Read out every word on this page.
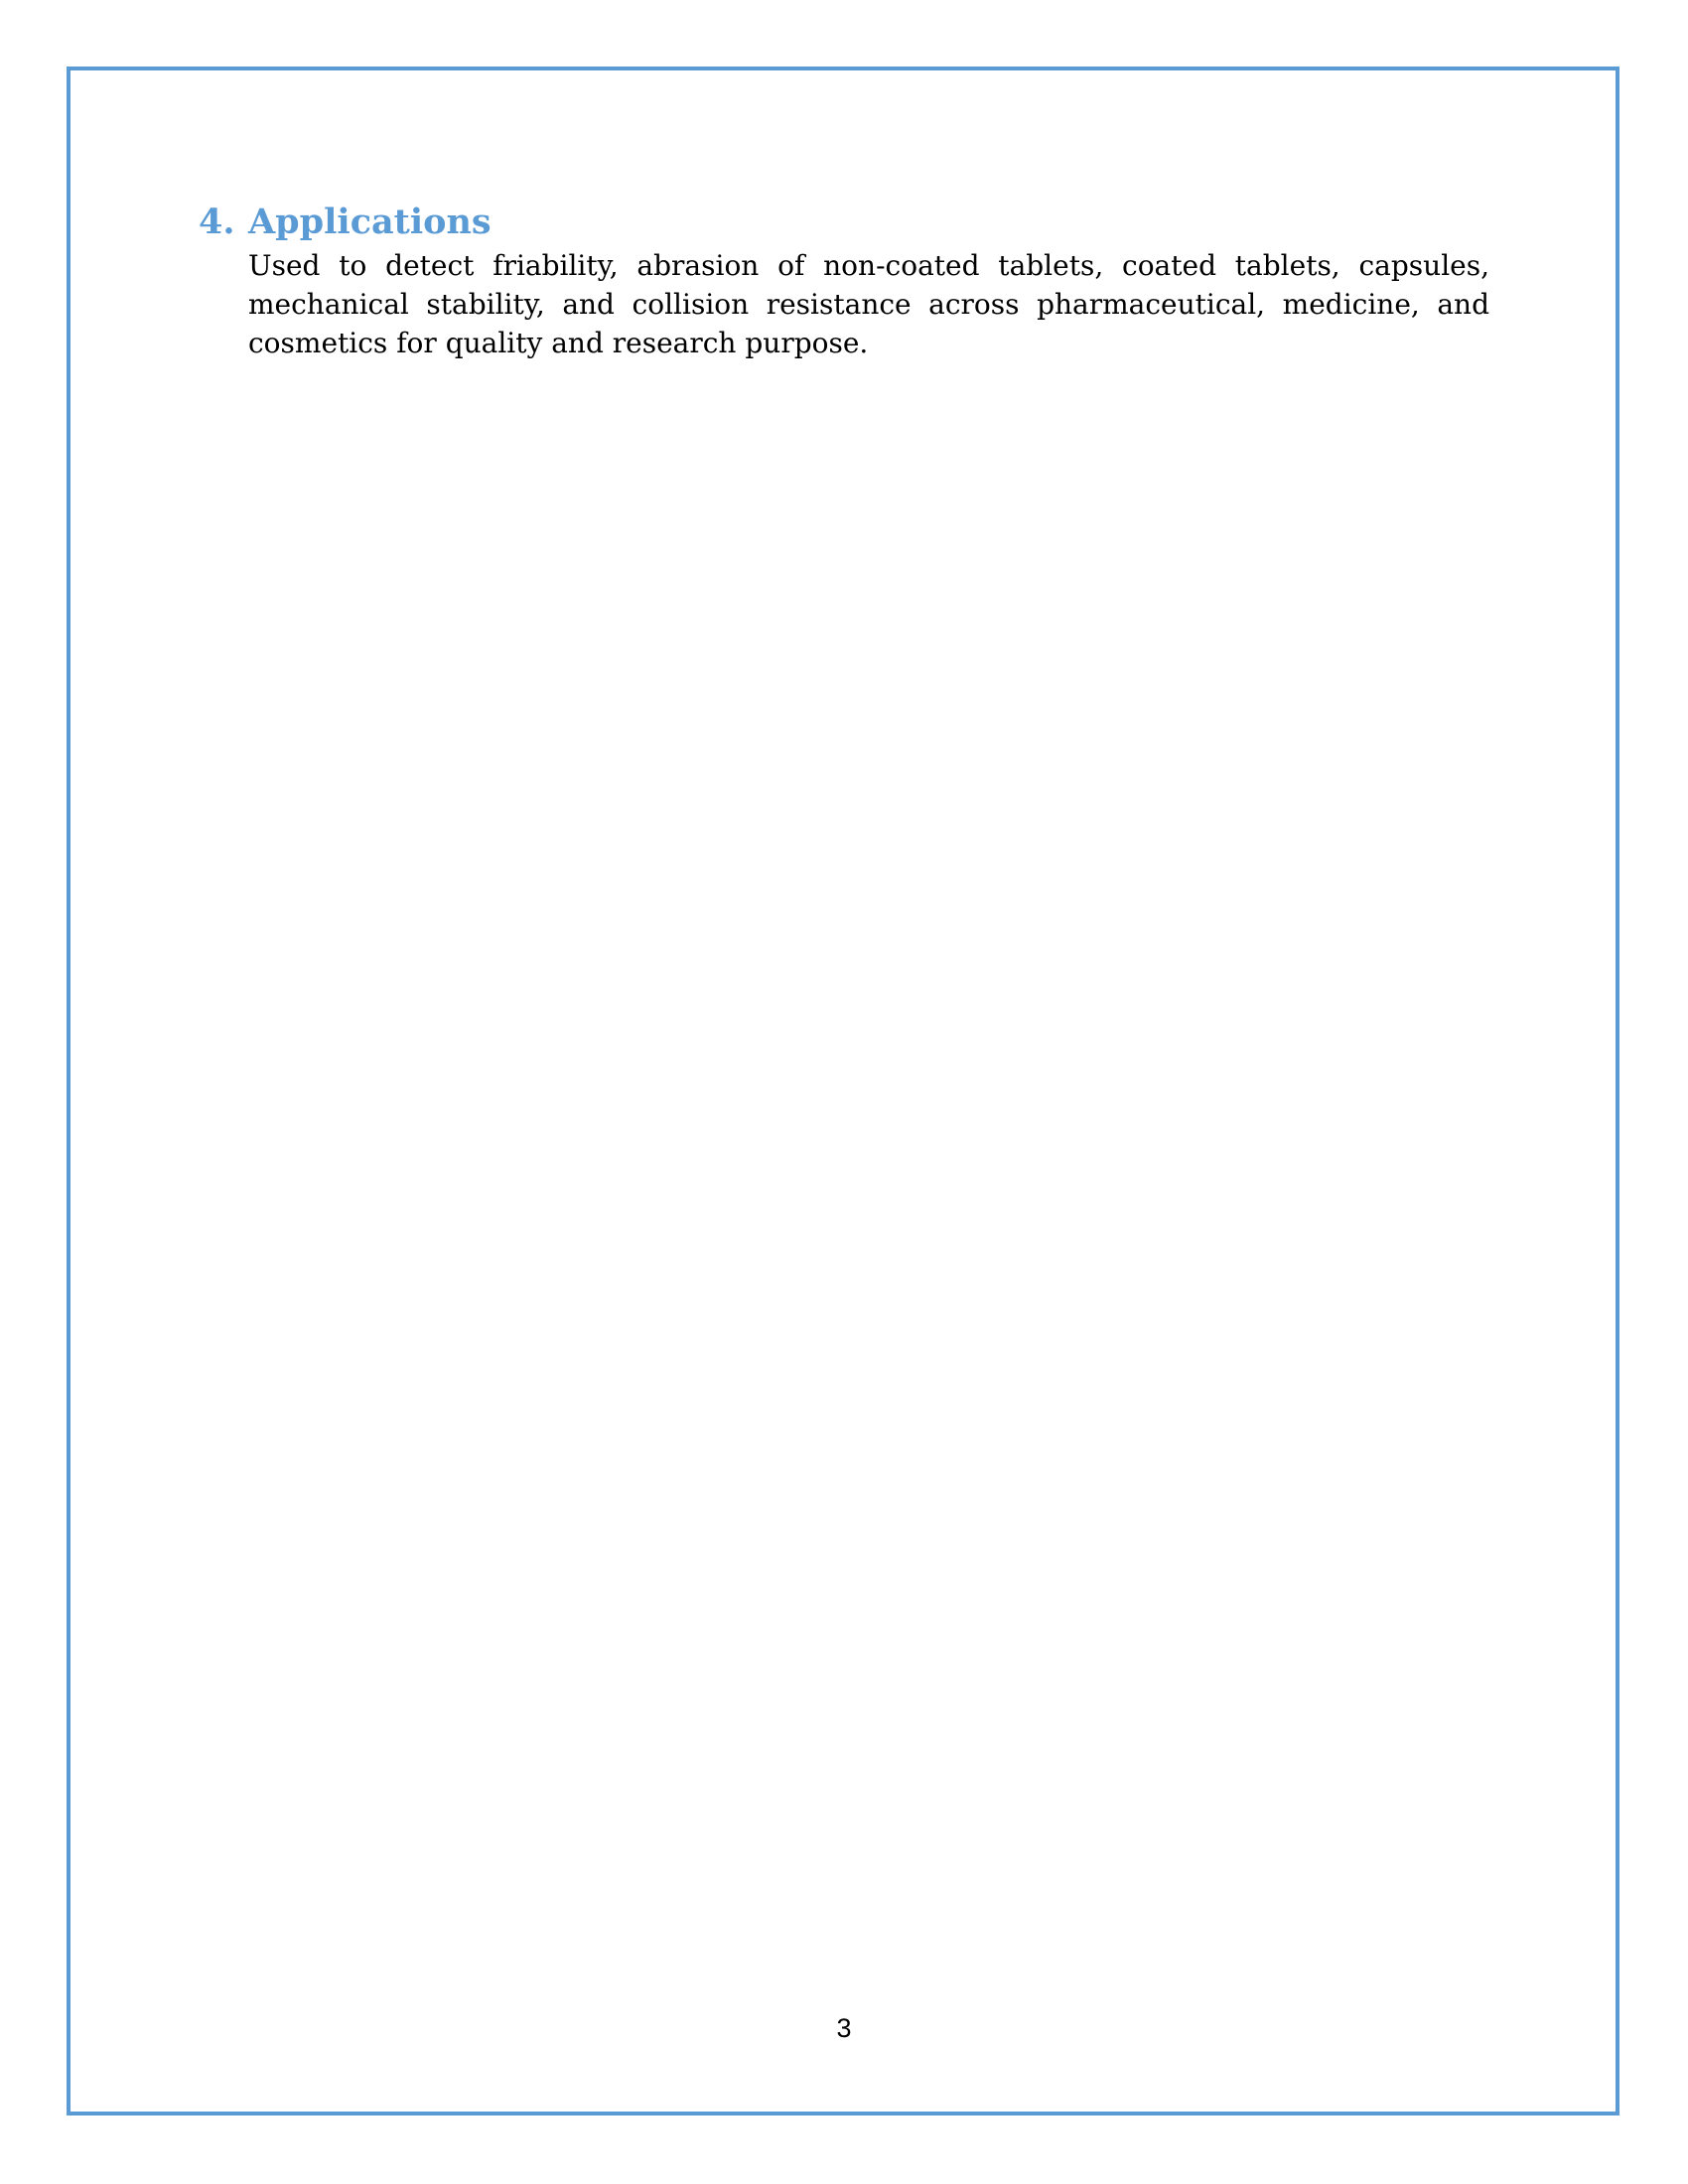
4. Applications

Used to detect friability, abrasion of non-coated tablets, coated tablets, capsules, mechanical stability, and collision resistance across pharmaceutical, medicine, and cosmetics for quality and research purpose.

3
